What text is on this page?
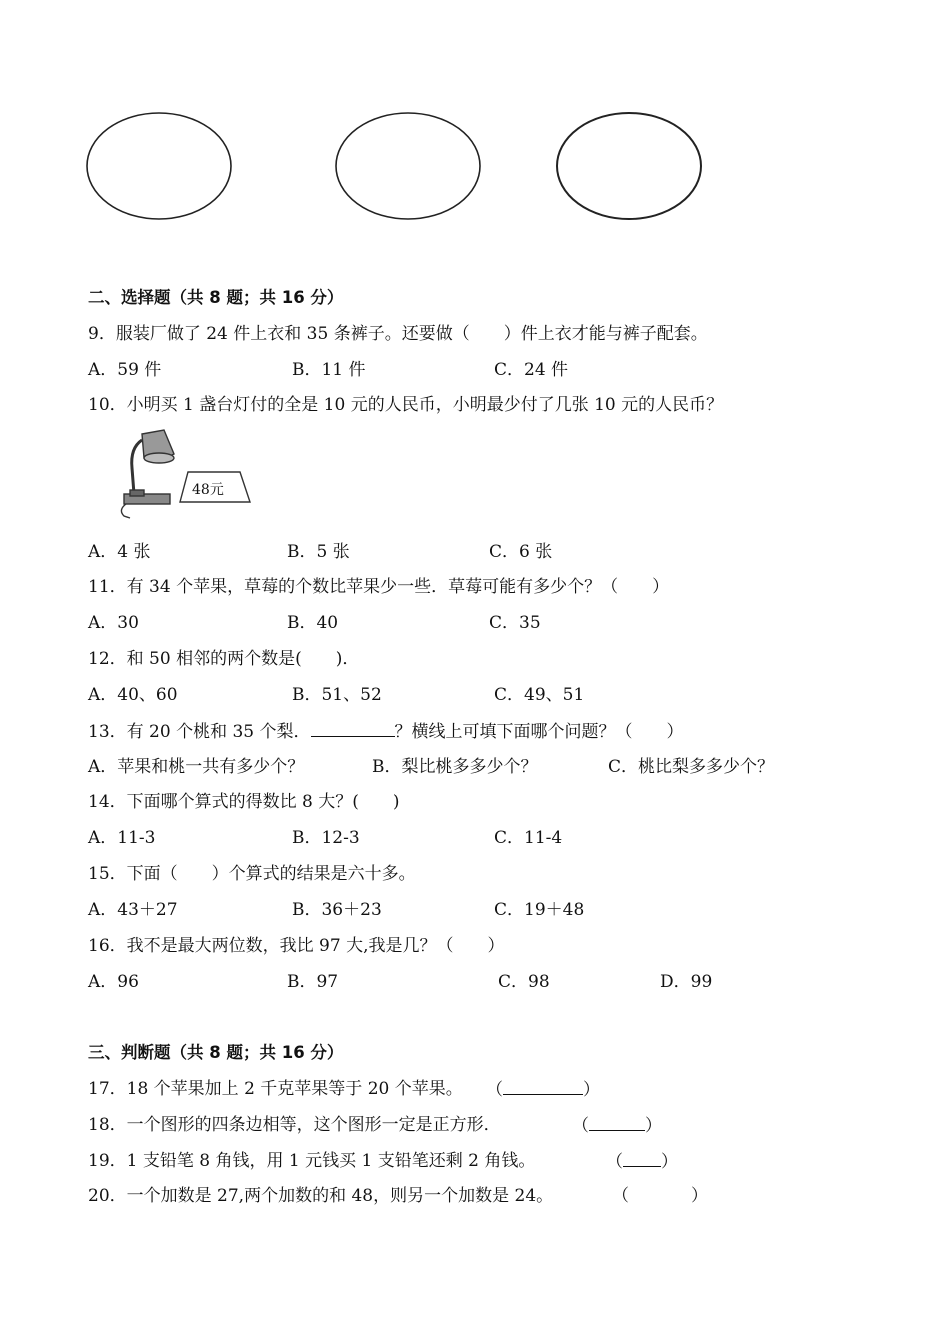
二、选择题（共 8 题；共 16 分）
9．服装厂做了 24 件上衣和 35 条裤子。还要做（　　）件上衣才能与裤子配套。
A．59 件	B．11 件	C．24 件
10．小明买 1 盏台灯付的全是 10 元的人民币，小明最少付了几张 10 元的人民币？
48元
A．4 张	B．5 张	C．6 张
11．有 34 个苹果，草莓的个数比苹果少一些．草莓可能有多少个？（　　）
A．30	B．40	C．35
12．和 50 相邻的两个数是(　　)．
A．40、60	B．51、52	C．49、51
13．有 20 个桃和 35 个梨．	？横线上可填下面哪个问题？（　　）
A．苹果和桃一共有多少个？	B．梨比桃多多少个？	C．桃比梨多多少个？
14．下面哪个算式的得数比 8 大？(　　)
A．11-3	B．12-3	C．11-4
15．下面（　　）个算式的结果是六十多。
A．43＋27	B．36＋23	C．19＋48
16．我不是最大两位数，我比 97 大,我是几？（　　）
A．96	B．97	C．98	D．99
三、判断题（共 8 题；共 16 分）
17．18 个苹果加上 2 千克苹果等于 20 个苹果。 （	）
18．一个图形的四条边相等，这个图形一定是正方形．	（	）
19．1 支铅笔 8 角钱，用 1 元钱买 1 支铅笔还剩 2 角钱。	（ ）
20．一个加数是 27,两个加数的和 48，则另一个加数是 24。	（	）
